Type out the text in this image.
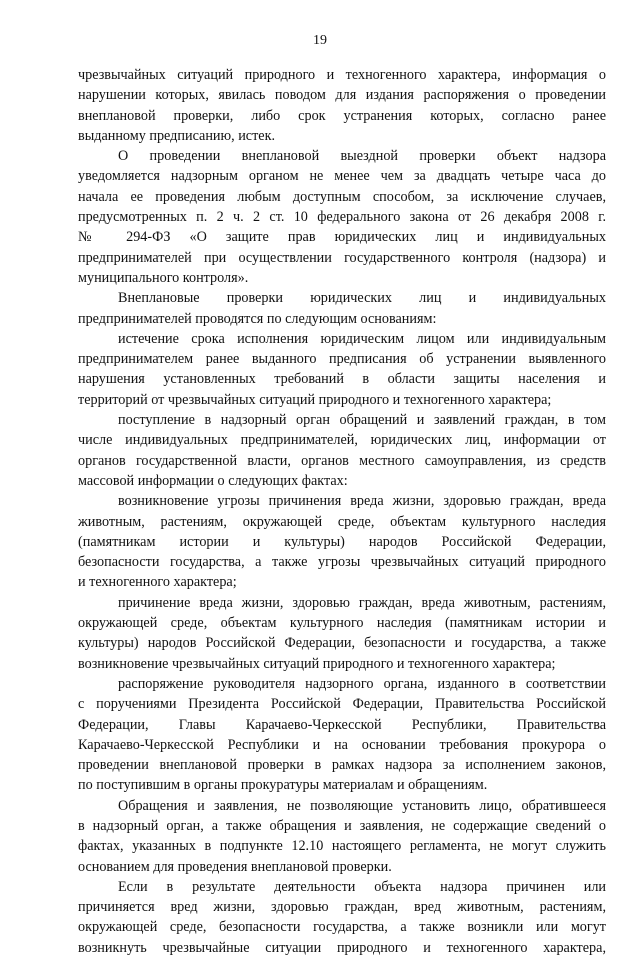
19
чрезвычайных ситуаций природного и техногенного характера, информация о
нарушении которых, явилась поводом для издания распоряжения о проведении
внеплановой проверки, либо срок устранения которых, согласно ранее
выданному предписанию, истек.
О проведении внеплановой выездной проверки объект надзора
уведомляется надзорным органом не менее чем за двадцать четыре часа до
начала ее проведения любым доступным способом, за исключение случаев,
предусмотренных п. 2 ч. 2 ст. 10 федерального закона от 26 декабря 2008 г.
№ 294-ФЗ «О защите прав юридических лиц и индивидуальных
предпринимателей при осуществлении государственного контроля (надзора) и
муниципального контроля».
Внеплановые проверки юридических лиц и индивидуальных
предпринимателей проводятся по следующим основаниям:
истечение срока исполнения юридическим лицом или индивидуальным
предпринимателем ранее выданного предписания об устранении выявленного
нарушения установленных требований в области защиты населения и
территорий от чрезвычайных ситуаций природного и техногенного характера;
поступление в надзорный орган обращений и заявлений граждан, в том
числе индивидуальных предпринимателей, юридических лиц, информации от
органов государственной власти, органов местного самоуправления, из средств
массовой информации о следующих фактах:
возникновение угрозы причинения вреда жизни, здоровью граждан, вреда
животным, растениям, окружающей среде, объектам культурного наследия
(памятникам истории и культуры) народов Российской Федерации,
безопасности государства, а также угрозы чрезвычайных ситуаций природного
и техногенного характера;
причинение вреда жизни, здоровью граждан, вреда животным, растениям,
окружающей среде, объектам культурного наследия (памятникам истории и
культуры) народов Российской Федерации, безопасности и государства, а также
возникновение чрезвычайных ситуаций природного и техногенного характера;
распоряжение руководителя надзорного органа, изданного в соответствии
с поручениями Президента Российской Федерации, Правительства Российской
Федерации, Главы Карачаево-Черкесской Республики, Правительства
Карачаево-Черкесской Республики и на основании требования прокурора о
проведении внеплановой проверки в рамках надзора за исполнением законов,
по поступившим в органы прокуратуры материалам и обращениям.
Обращения и заявления, не позволяющие установить лицо, обратившееся
в надзорный орган, а также обращения и заявления, не содержащие сведений о
фактах, указанных в подпункте 12.10 настоящего регламента, не могут служить
основанием для проведения внеплановой проверки.
Если в результате деятельности объекта надзора причинен или
причиняется вред жизни, здоровью граждан, вред животным, растениям,
окружающей среде, безопасности государства, а также возникли или могут
возникнуть чрезвычайные ситуации природного и техногенного характера,
